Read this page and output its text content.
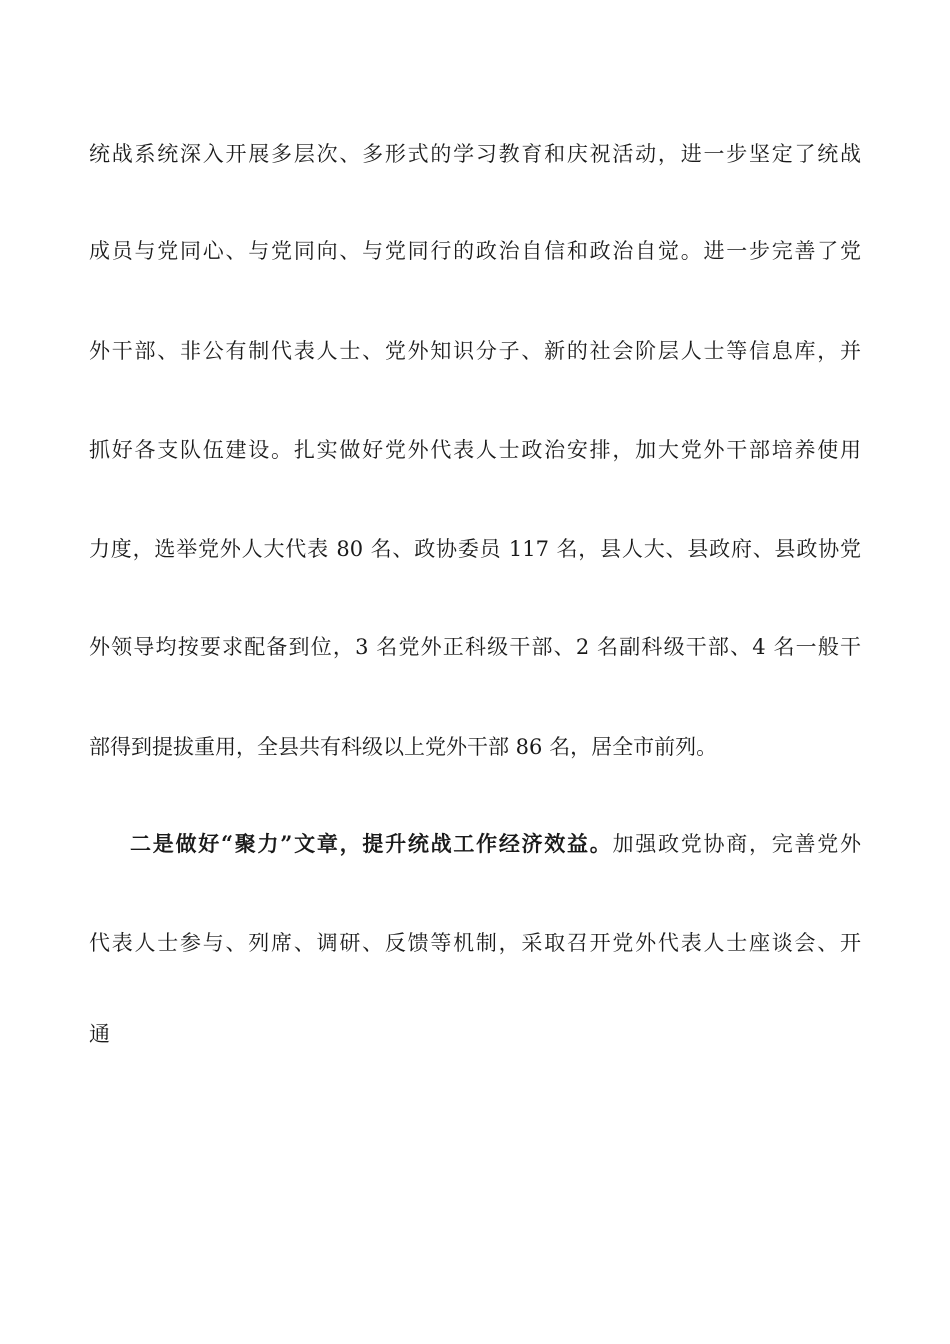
统战系统深入开展多层次、多形式的学习教育和庆祝活动，进一步坚定了统战
成员与党同心、与党同向、与党同行的政治自信和政治自觉。进一步完善了党
外干部、非公有制代表人士、党外知识分子、新的社会阶层人士等信息库，并
抓好各支队伍建设。扎实做好党外代表人士政治安排，加大党外干部培养使用
力度，选举党外人大代表 80 名、政协委员 117 名，县人大、县政府、县政协党
外领导均按要求配备到位，3 名党外正科级干部、2 名副科级干部、4 名一般干
部得到提拔重用，全县共有科级以上党外干部 86 名，居全市前列。
二是做好“聚力”文章，提升统战工作经济效益。加强政党协商，完善党外
代表人士参与、列席、调研、反馈等机制，采取召开党外代表人士座谈会、开
通
